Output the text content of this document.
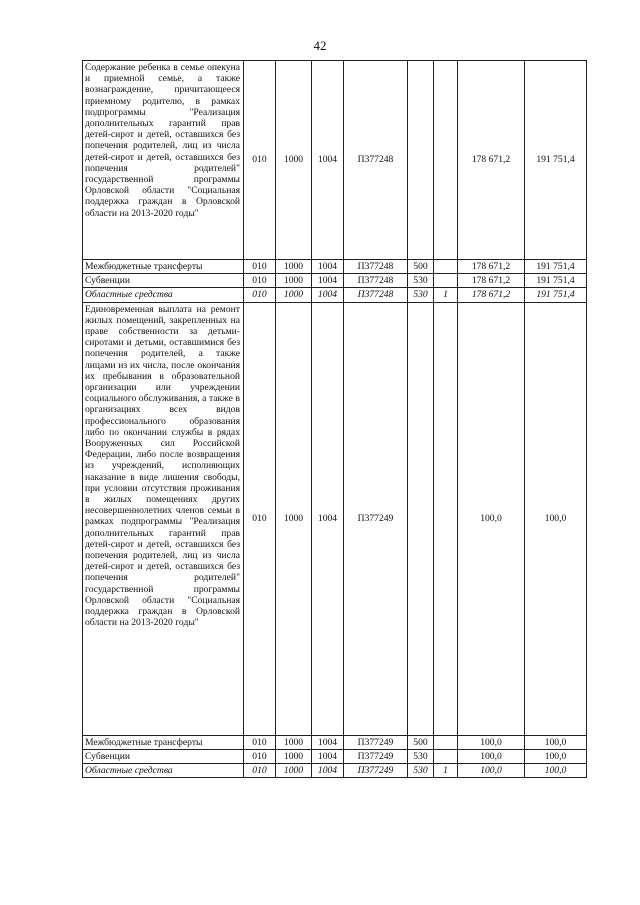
42
Содержание ребенка в семье опекуна и приемной семье, а также вознаграждение, причитающееся приемному родителю, в рамках подпрограммы "Реализация дополнительных гарантий прав детей-сирот и детей, оставшихся без попечения родителей, лиц из числа детей-сирот и детей, оставшихся без попечения родителей" государственной программы Орловской области "Социальная поддержка граждан в Орловской области на 2013-2020 годы"	010	1000	1004	П377248			178 671,2	191 751,4
Межбюджетные трансферты	010	1000	1004	П377248	500		178 671,2	191 751,4
Субвенции	010	1000	1004	П377248	530		178 671,2	191 751,4
Областные средства	010	1000	1004	П377248	530	1	178 671,2	191 751,4
Единовременная выплата на ремонт жилых помещений, закрепленных на праве собственности за детьми-сиротами и детьми, оставшимися без попечения родителей, а также лицами из их числа, после окончания их пребывания в образовательной организации или учреждении социального обслуживания, а также в организациях всех видов профессионального образования либо по окончании службы в рядах Вооруженных сил Российской Федерации, либо после возвращения из учреждений, исполняющих наказание в виде лишения свободы, при условии отсутствия проживания в жилых помещениях других несовершеннолетних членов семьи в рамках подпрограммы "Реализация дополнительных гарантий прав детей-сирот и детей, оставшихся без попечения родителей, лиц из числа детей-сирот и детей, оставшихся без попечения родителей" государственной программы Орловской области "Социальная поддержка граждан в Орловской области на 2013-2020 годы"	010	1000	1004	П377249			100,0	100,0
Межбюджетные трансферты	010	1000	1004	П377249	500		100,0	100,0
Субвенции	010	1000	1004	П377249	530		100,0	100,0
Областные средства	010	1000	1004	П377249	530	1	100,0	100,0
